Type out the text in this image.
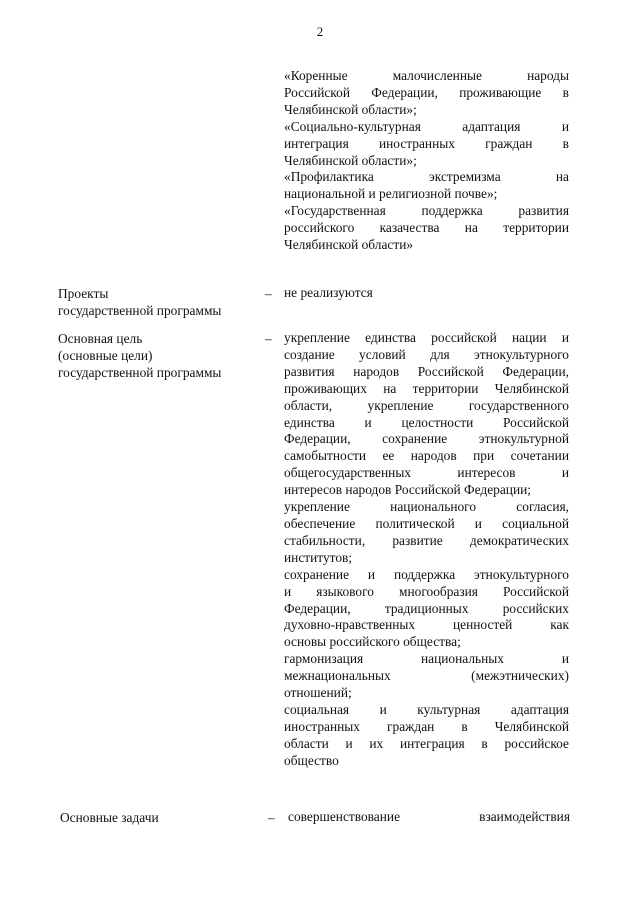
2
«Коренные малочисленные народы
Российской Федерации, проживающие в
Челябинской области»;
«Социально-культурная адаптация и
интеграция иностранных граждан в
Челябинской области»;
«Профилактика экстремизма на
национальной и религиозной почве»;
«Государственная поддержка развития
российского казачества на территории
Челябинской области»
Проекты
государственной программы
– не реализуются
Основная цель
(основные цели)
государственной программы
– укрепление единства российской нации и
создание условий для этнокультурного
развития народов Российской Федерации,
проживающих на территории Челябинской
области, укрепление государственного
единства и целостности Российской
Федерации, сохранение этнокультурной
самобытности ее народов при сочетании
общегосударственных интересов и
интересов народов Российской Федерации;
укрепление национального согласия,
обеспечение политической и социальной
стабильности, развитие демократических
институтов;
сохранение и поддержка этнокультурного
и языкового многообразия Российской
Федерации, традиционных российских
духовно-нравственных ценностей как
основы российского общества;
гармонизация национальных и
межнациональных (межэтнических)
отношений;
социальная и культурная адаптация
иностранных граждан в Челябинской
области и их интеграция в российское
общество
Основные задачи	– совершенствование взаимодействия
